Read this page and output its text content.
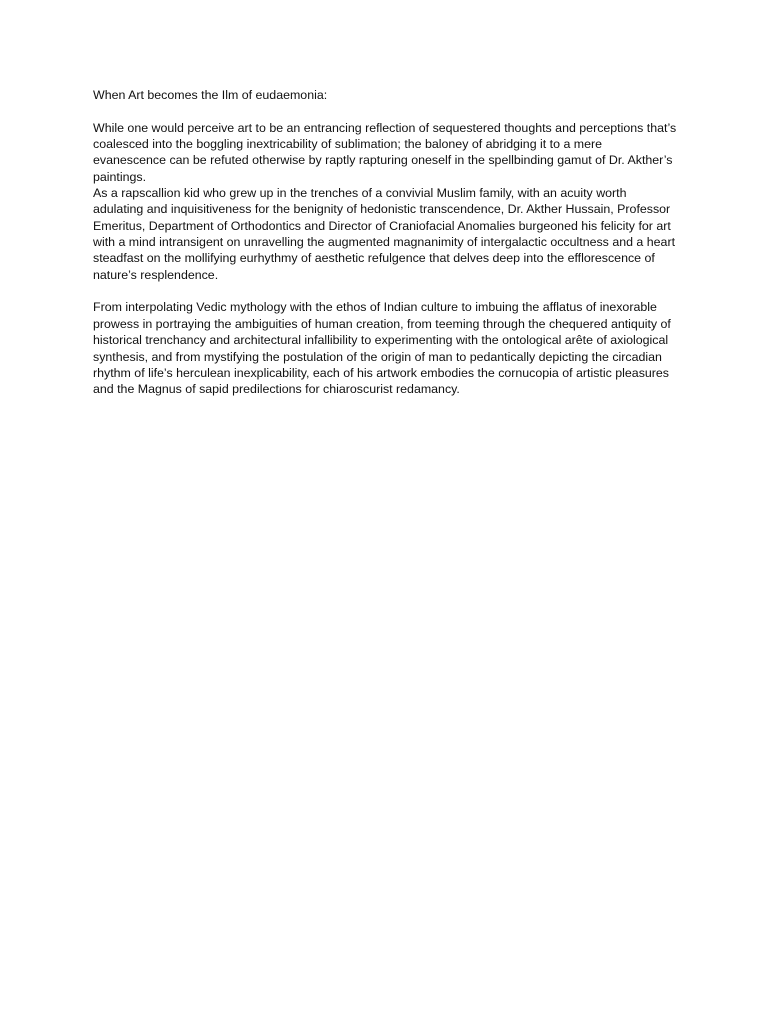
When Art becomes the Ilm of eudaemonia:

While one would perceive art to be an entrancing reflection of sequestered thoughts and perceptions that’s coalesced into the boggling inextricability of sublimation; the baloney of abridging it to a mere evanescence can be refuted otherwise by raptly rapturing oneself in the spellbinding gamut of Dr. Akther’s paintings.

As a rapscallion kid who grew up in the trenches of a convivial Muslim family, with an acuity worth adulating and inquisitiveness for the benignity of hedonistic transcendence, Dr. Akther Hussain, Professor Emeritus, Department of Orthodontics and Director of Craniofacial Anomalies burgeoned his felicity for art with a mind intransigent on unravelling the augmented magnanimity of intergalactic occultness and a heart steadfast on the mollifying eurhythmy of aesthetic refulgence that delves deep into the efflorescence of nature’s resplendence.

From interpolating Vedic mythology with the ethos of Indian culture to imbuing the afflatus of inexorable prowess in portraying the ambiguities of human creation, from teeming through the chequered antiquity of historical trenchancy and architectural infallibility to experimenting with the ontological arête of axiological synthesis, and from mystifying the postulation of the origin of man to pedantically depicting the circadian rhythm of life’s herculean inexplicability, each of his artwork embodies the cornucopia of artistic pleasures and the Magnus of sapid predilections for chiaroscurist redamancy.
